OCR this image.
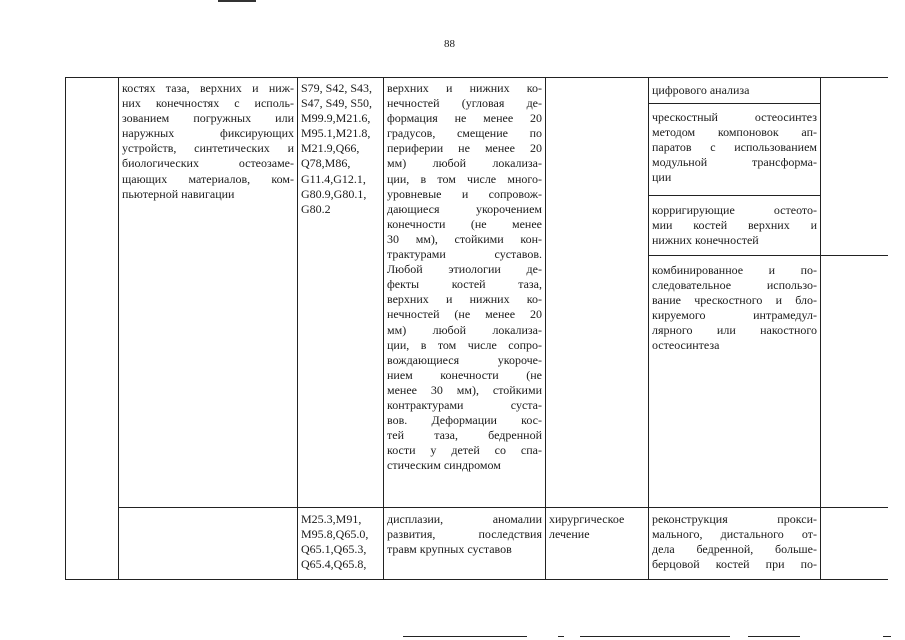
88
костях таза, верхних и ниж-
них конечностях с исполь-
зованием погружных или
наружных фиксирующих
устройств, синтетических и
биологических остеозаме-
щающих материалов, ком-
пьютерной навигации
S79, S42, S43,
S47, S49, S50,
M99.9,M21.6,
M95.1,M21.8,
M21.9,Q66,
Q78,M86,
G11.4,G12.1,
G80.9,G80.1,
G80.2
верхних и нижних ко-
нечностей (угловая де-
формация не менее 20
градусов, смещение по
периферии не менее 20
мм) любой локализа-
ции, в том числе много-
уровневые и сопровож-
дающиеся укорочением
конечности (не менее
30 мм), стойкими кон-
трактурами суставов.
Любой этиологии де-
фекты костей таза,
верхних и нижних ко-
нечностей (не менее 20
мм) любой локализа-
ции, в том числе сопро-
вождающиеся укороче-
нием конечности (не
менее 30 мм), стойкими
контрактурами суста-
вов. Деформации кос-
тей таза, бедренной
кости у детей со спа-
стическим синдромом
цифрового анализа
чрескостный остеосинтез
методом компоновок ап-
паратов с использованием
модульной трансформа-
ции
корригирующие остеото-
мии костей верхних и
нижних конечностей
комбинированное и по-
следовательное использо-
вание чрескостного и бло-
кируемого интрамедул-
лярного или накостного
остеосинтеза
M25.3,M91,
M95.8,Q65.0,
Q65.1,Q65.3,
Q65.4,Q65.8,
дисплазии, аномалии
развития, последствия
травм крупных суставов
хирургическое
лечение
реконструкция прокси-
мального, дистального от-
дела бедренной, больше-
берцовой костей при по-
